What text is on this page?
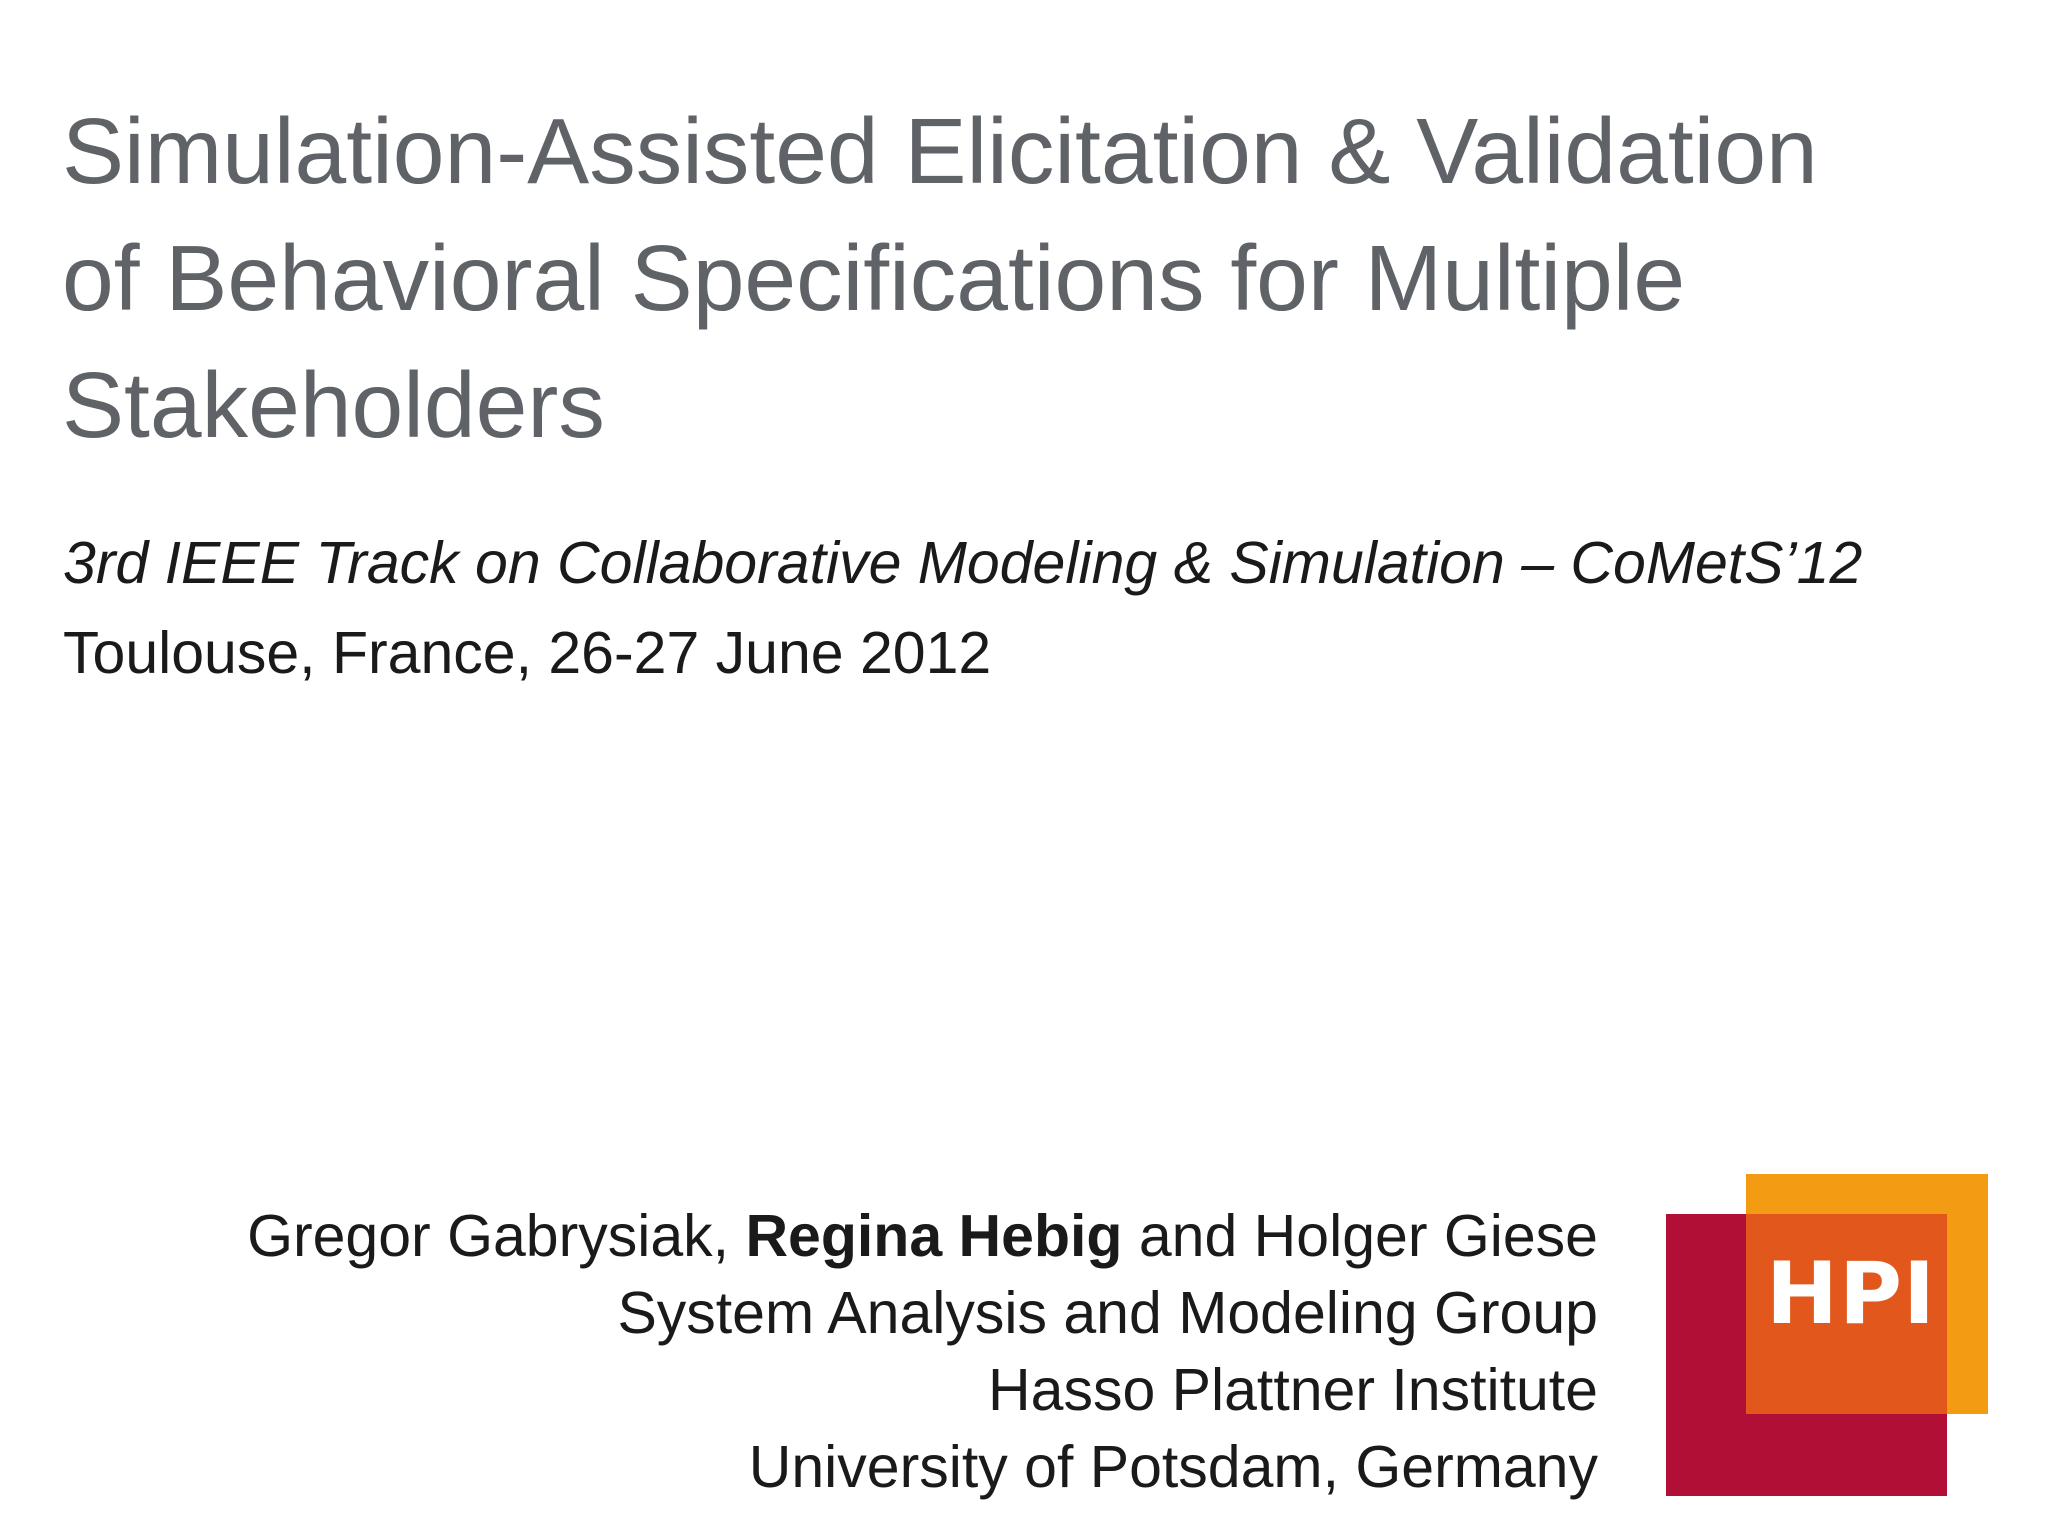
Simulation-Assisted Elicitation & Validation
of Behavioral Specifications for Multiple
Stakeholders

3rd IEEE Track on Collaborative Modeling & Simulation – CoMetS’12

Toulouse, France, 26-27 June 2012

Gregor Gabrysiak, Regina Hebig and Holger Giese
System Analysis and Modeling Group
Hasso Plattner Institute
University of Potsdam, Germany
HPI
